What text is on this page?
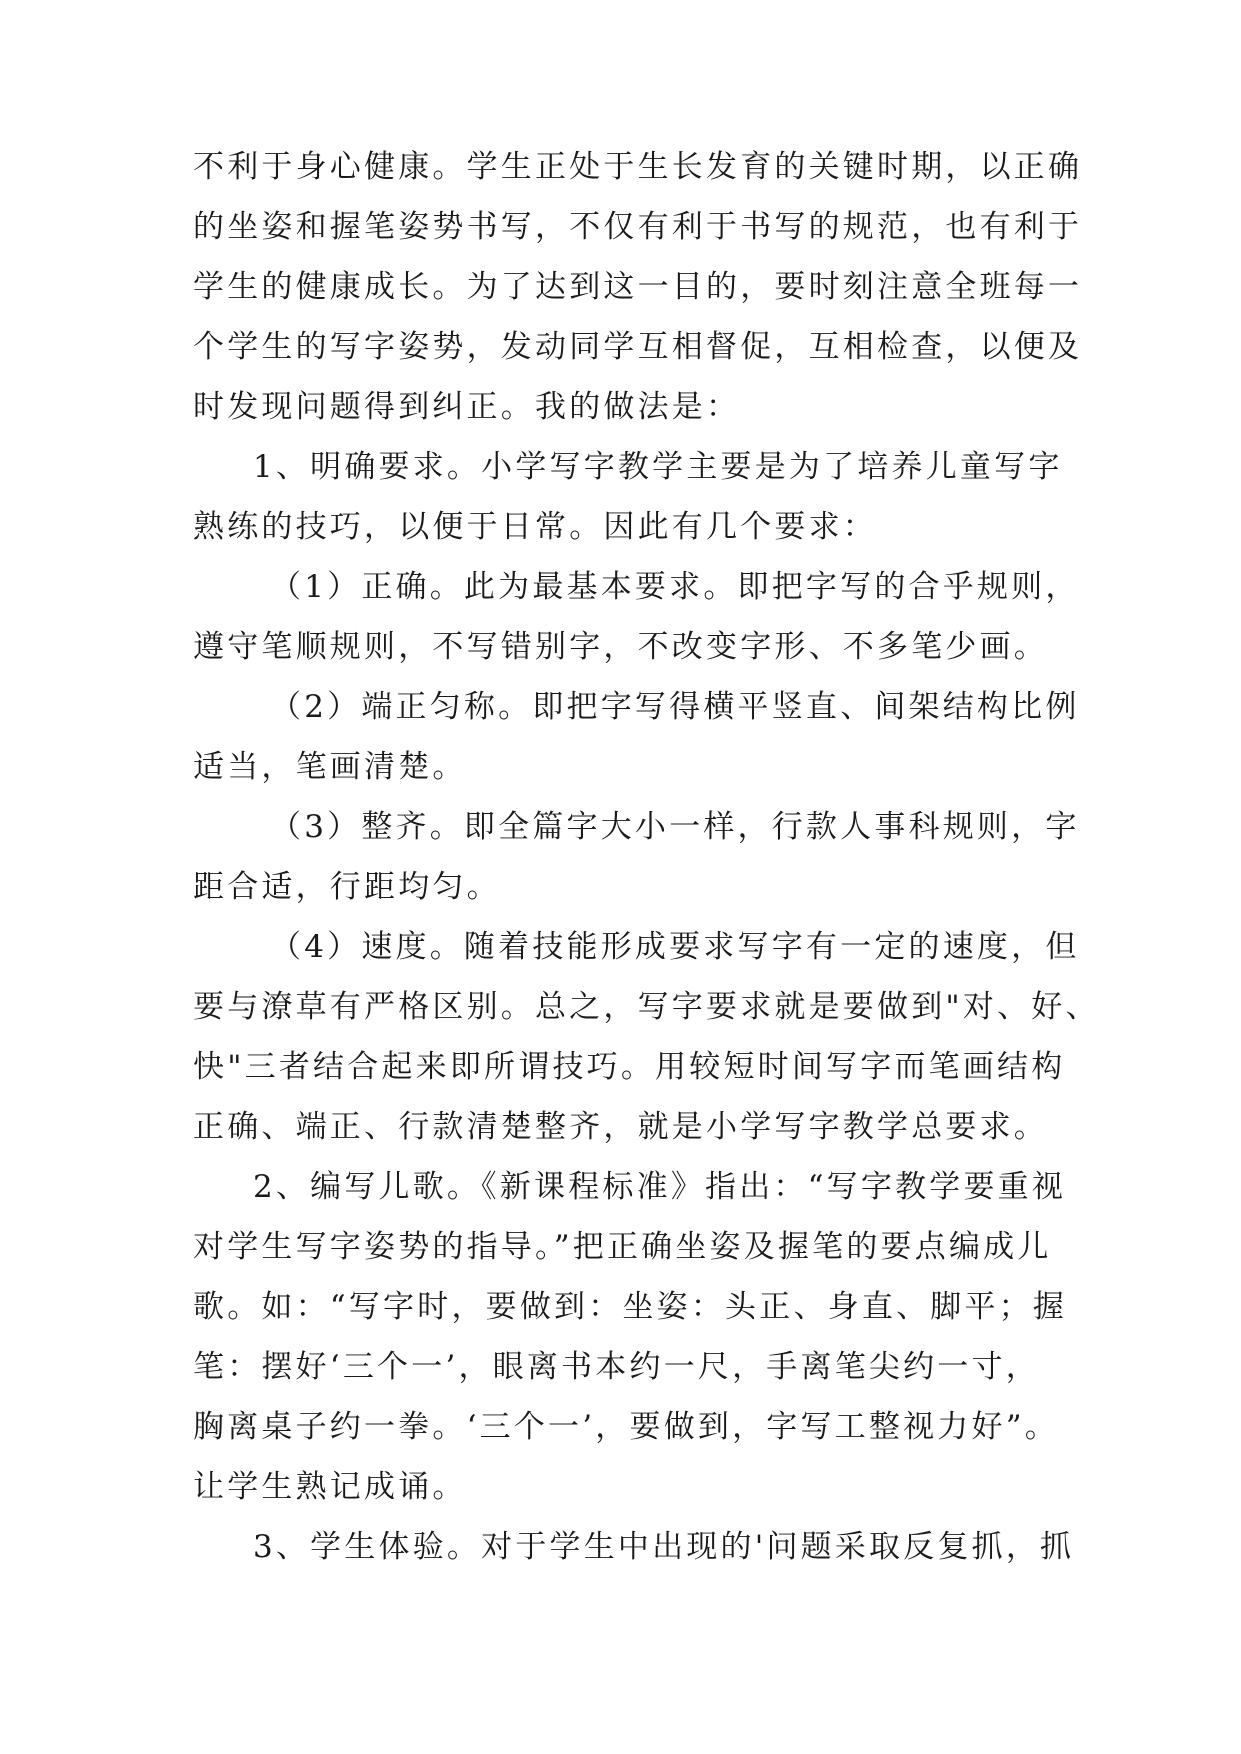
不利于身心健康。学生正处于生长发育的关键时期，以正确
的坐姿和握笔姿势书写，不仅有利于书写的规范，也有利于
学生的健康成长。为了达到这一目的，要时刻注意全班每一
个学生的写字姿势，发动同学互相督促，互相检查，以便及
时发现问题得到纠正。我的做法是：
1、明确要求。小学写字教学主要是为了培养儿童写字
熟练的技巧，以便于日常。因此有几个要求：
（1）正确。此为最基本要求。即把字写的合乎规则，
遵守笔顺规则，不写错别字，不改变字形、不多笔少画。
（2）端正匀称。即把字写得横平竖直、间架结构比例
适当，笔画清楚。
（3）整齐。即全篇字大小一样，行款人事科规则，字
距合适，行距均匀。
（4）速度。随着技能形成要求写字有一定的速度，但
要与潦草有严格区别。总之，写字要求就是要做到"对、好、
快"三者结合起来即所谓技巧。用较短时间写字而笔画结构
正确、端正、行款清楚整齐，就是小学写字教学总要求。
2、编写儿歌。《新课程标准》指出：“写字教学要重视
对学生写字姿势的指导。”把正确坐姿及握笔的要点编成儿
歌。如：“写字时，要做到：坐姿：头正、身直、脚平；握
笔：摆好‘三个一’，眼离书本约一尺，手离笔尖约一寸，
胸离桌子约一拳。‘三个一’，要做到，字写工整视力好”。
让学生熟记成诵。
3、学生体验。对于学生中出现的'问题采取反复抓，抓
